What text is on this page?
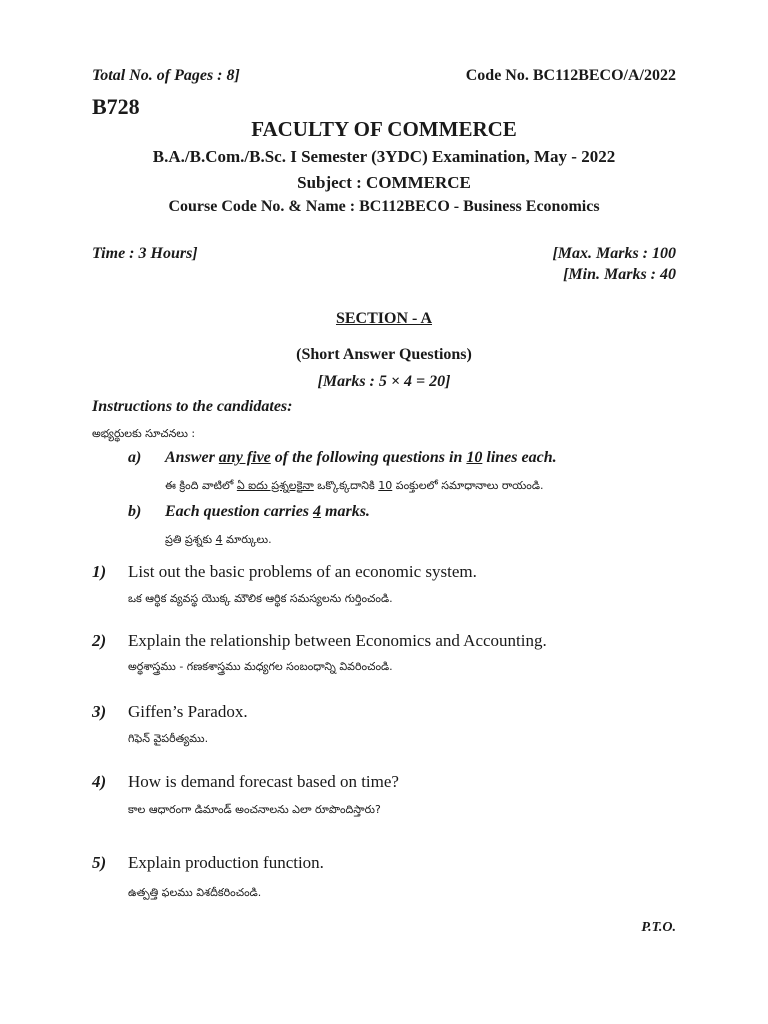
Total No. of Pages : 8]	Code No. BC112BECO/A/2022
B728
FACULTY OF COMMERCE
B.A./B.Com./B.Sc. I Semester (3YDC) Examination, May - 2022
Subject : COMMERCE
Course Code No. & Name : BC112BECO - Business Economics
Time : 3 Hours]	[Max. Marks : 100
[Min. Marks : 40
SECTION - A
(Short Answer Questions)
[Marks : 5 × 4 = 20]
Instructions to the candidates:
అభ్యర్థులకు సూచనలు :
a) Answer any five of the following questions in 10 lines each.
ఈ క్రింది వాటిలో ఏ ఐదు ప్రశ్నలకైనా ఒక్కొక్కదానికి 10 పంక్తులలో సమాధానాలు రాయండి.
b) Each question carries 4 marks.
ప్రతి ప్రశ్నకు 4 మార్కులు.
1) List out the basic problems of an economic system.
ఒక ఆర్థిక వ్యవస్థ యొక్క మౌలిక ఆర్థిక సమస్యలను గుర్తించండి.
2) Explain the relationship between Economics and Accounting.
అర్థశాస్త్రము - గణకశాస్త్రము మధ్యగల సంబంధాన్ని వివరించండి.
3) Giffen’s Paradox.
గిఫెన్ వైపరీత్యము.
4) How is demand forecast based on time?
కాల ఆధారంగా డిమాండ్ అంచనాలను ఎలా రూపొందిస్తారు?
5) Explain production function.
ఉత్పత్తి ఫలము విశదీకరించండి.
P.T.O.
